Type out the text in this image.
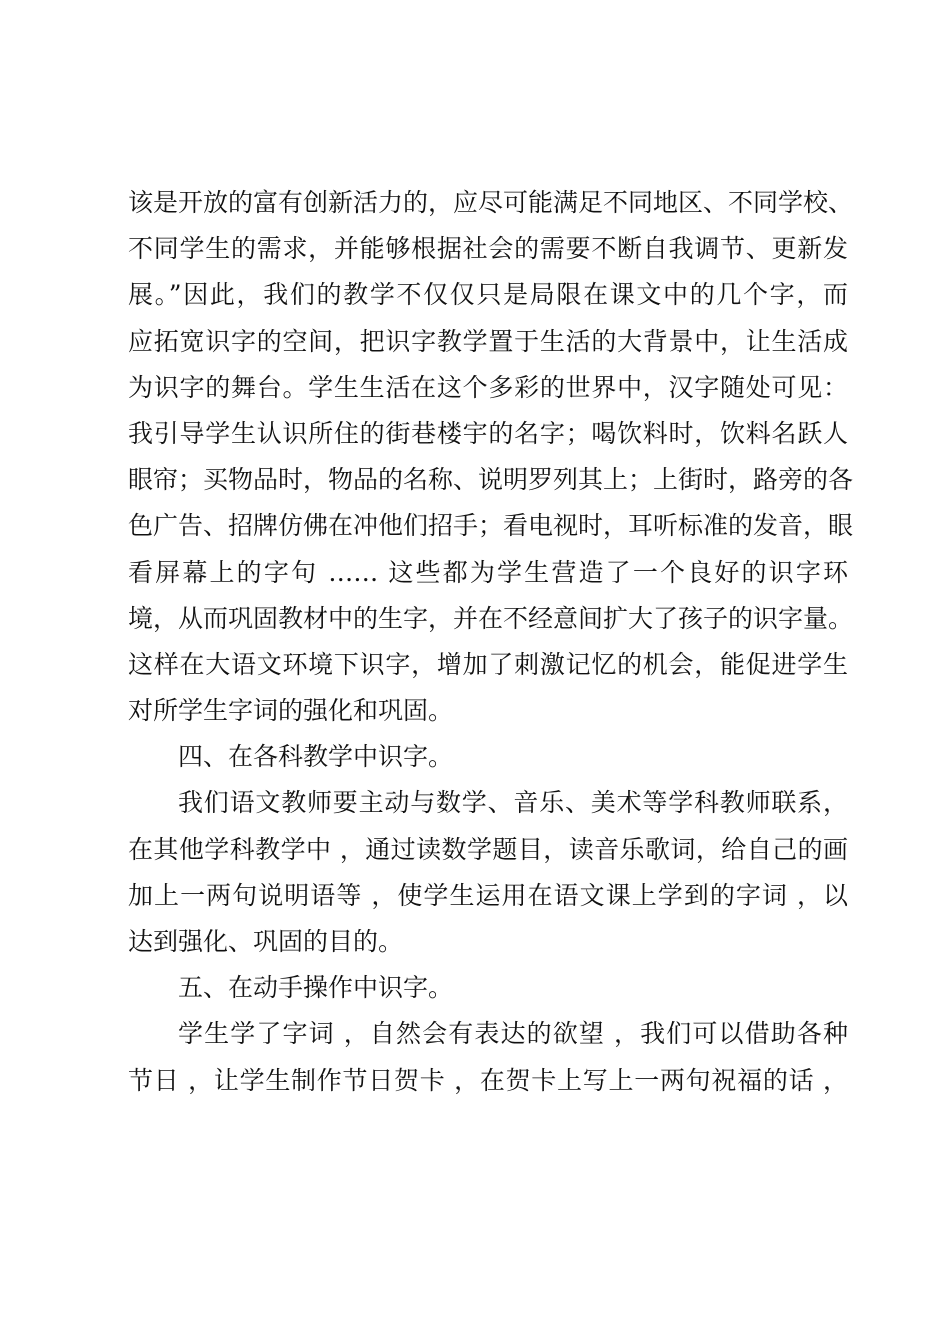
该是开放的富有创新活力的，应尽可能满足不同地区、不同学校、
不同学生的需求，并能够根据社会的需要不断自我调节、更新发
展。”因此，我们的教学不仅仅只是局限在课文中的几个字，而
应拓宽识字的空间，把识字教学置于生活的大背景中，让生活成
为识字的舞台。学生生活在这个多彩的世界中，汉字随处可见：
我引导学生认识所住的街巷楼宇的名字；喝饮料时，饮料名跃人
眼帘；买物品时，物品的名称、说明罗列其上；上街时，路旁的各
色广告、招牌仿佛在冲他们招手；看电视时，耳听标准的发音，眼
看屏幕上的字句 …… 这些都为学生营造了一个良好的识字环
境，从而巩固教材中的生字，并在不经意间扩大了孩子的识字量。
这样在大语文环境下识字，增加了刺激记忆的机会，能促进学生
对所学生字词的强化和巩固。
四、在各科教学中识字。
我们语文教师要主动与数学、音乐、美术等学科教师联系，
在其他学科教学中 ，通过读数学题目，读音乐歌词，给自己的画
加上一两句说明语等 ，使学生运用在语文课上学到的字词 ，以
达到强化、巩固的目的。
五、在动手操作中识字。
学生学了字词 ，自然会有表达的欲望 ，我们可以借助各种
节日 ，让学生制作节日贺卡 ，在贺卡上写上一两句祝福的话 ，
